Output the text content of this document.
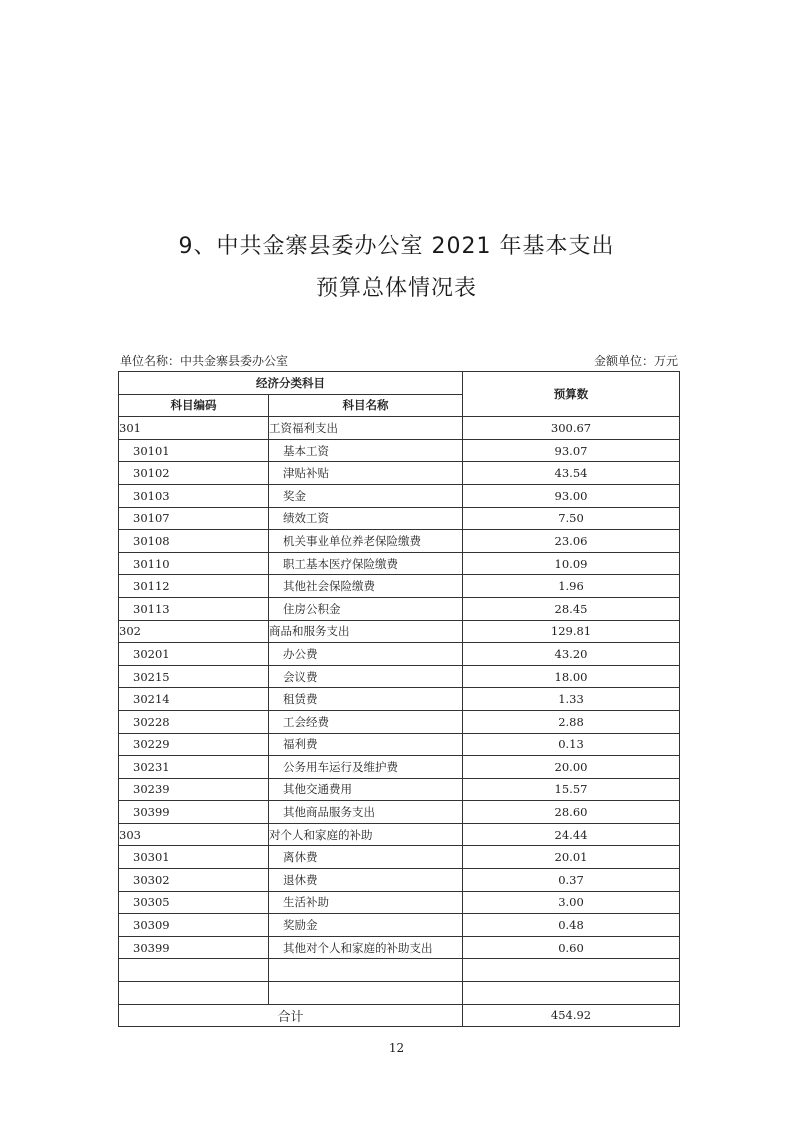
9、中共金寨县委办公室 2021 年基本支出
预算总体情况表
单位名称：中共金寨县委办公室	金额单位：万元
经济分类科目		预算数
科目编码	科目名称	
301	工资福利支出	300.67
30101	基本工资	93.07
30102	津贴补贴	43.54
30103	奖金	93.00
30107	绩效工资	7.50
30108	机关事业单位养老保险缴费	23.06
30110	职工基本医疗保险缴费	10.09
30112	其他社会保险缴费	1.96
30113	住房公积金	28.45
302	商品和服务支出	129.81
30201	办公费	43.20
30215	会议费	18.00
30214	租赁费	1.33
30228	工会经费	2.88
30229	福利费	0.13
30231	公务用车运行及维护费	20.00
30239	其他交通费用	15.57
30399	其他商品服务支出	28.60
303	对个人和家庭的补助	24.44
30301	离休费	20.01
30302	退休费	0.37
30305	生活补助	3.00
30309	奖励金	0.48
30399	其他对个人和家庭的补助支出	0.60

合计		454.92
12
